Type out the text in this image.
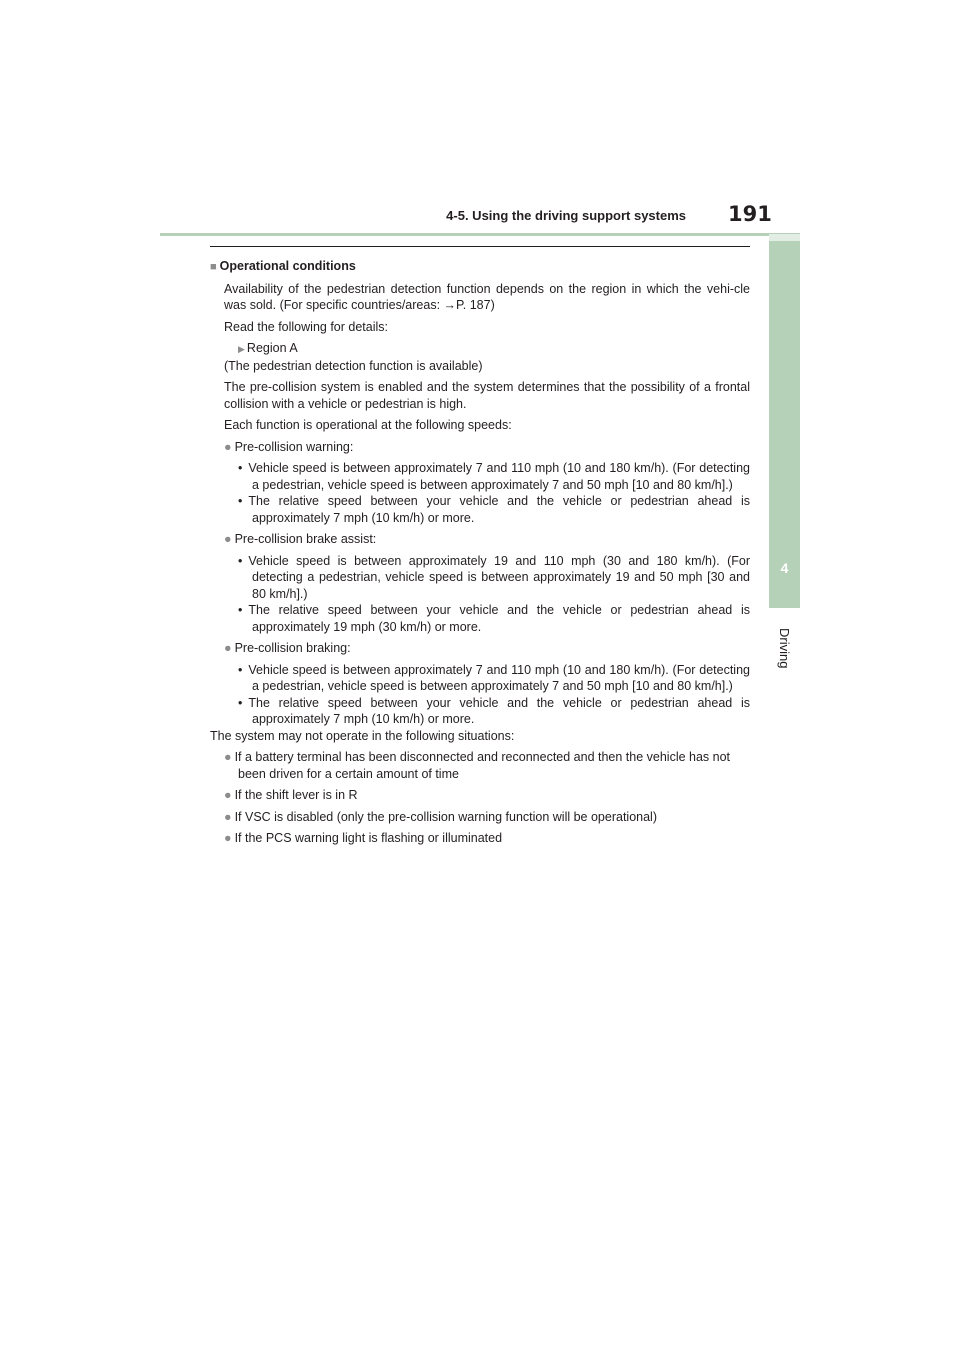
4-5. Using the driving support systems 191
4
Driving

■ Operational conditions

Availability of the pedestrian detection function depends on the region in which the vehi-cle was sold. (For specific countries/areas: →P. 187)

Read the following for details:

▶ Region A

(The pedestrian detection function is available)

The pre-collision system is enabled and the system determines that the possibility of a frontal collision with a vehicle or pedestrian is high.

Each function is operational at the following speeds:

● Pre-collision warning:

• Vehicle speed is between approximately 7 and 110 mph (10 and 180 km/h). (For detecting a pedestrian, vehicle speed is between approximately 7 and 50 mph [10 and 80 km/h].)

• The relative speed between your vehicle and the vehicle or pedestrian ahead is approximately 7 mph (10 km/h) or more.

● Pre-collision brake assist:

• Vehicle speed is between approximately 19 and 110 mph (30 and 180 km/h). (For detecting a pedestrian, vehicle speed is between approximately 19 and 50 mph [30 and 80 km/h].)

• The relative speed between your vehicle and the vehicle or pedestrian ahead is approximately 19 mph (30 km/h) or more.

● Pre-collision braking:

• Vehicle speed is between approximately 7 and 110 mph (10 and 180 km/h). (For detecting a pedestrian, vehicle speed is between approximately 7 and 50 mph [10 and 80 km/h].)

• The relative speed between your vehicle and the vehicle or pedestrian ahead is approximately 7 mph (10 km/h) or more.

The system may not operate in the following situations:

● If a battery terminal has been disconnected and reconnected and then the vehicle has not been driven for a certain amount of time

● If the shift lever is in R

● If VSC is disabled (only the pre-collision warning function will be operational)

● If the PCS warning light is flashing or illuminated
